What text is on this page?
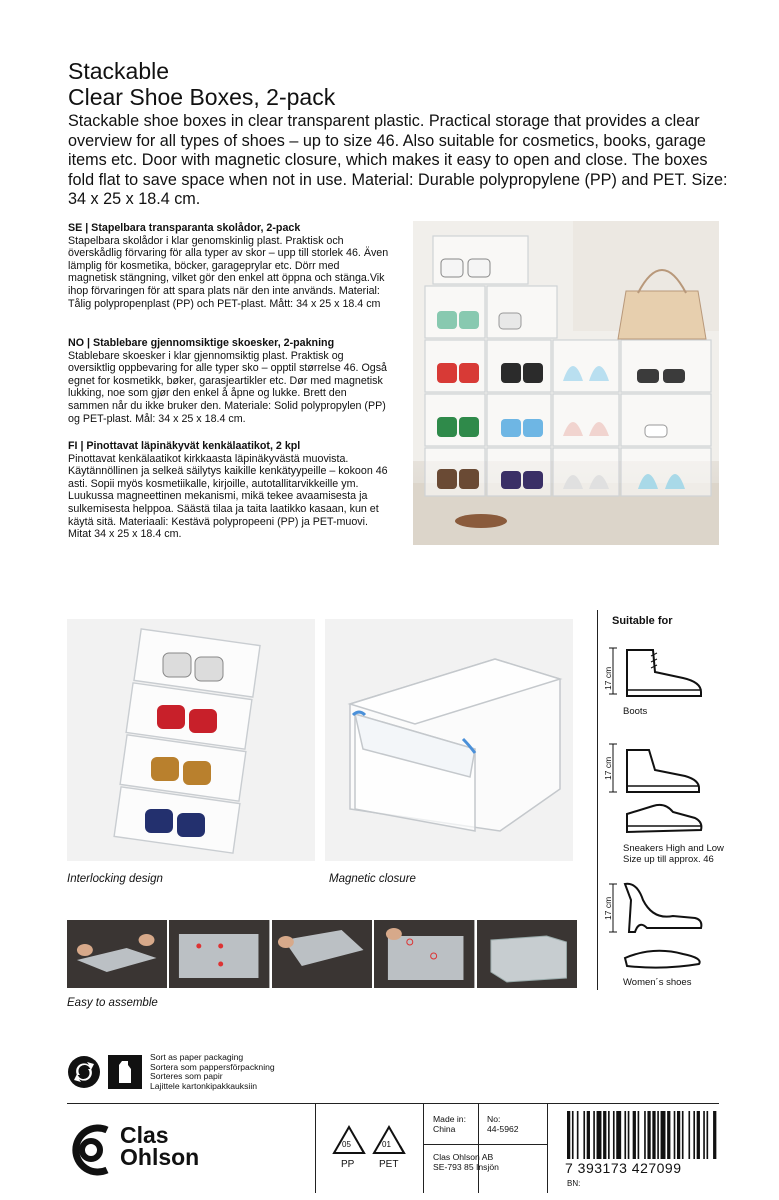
Stackable
Clear Shoe Boxes, 2-pack

Stackable shoe boxes in clear transparent plastic. Practical storage that provides a clear overview for all types of shoes – up to size 46. Also suitable for cosmetics, books, garage items etc. Door with magnetic closure, which makes it easy to open and close. The boxes fold flat to save space when not in use. Material: Durable polypropylene (PP) and PET. Size: 34 x 25 x 18.4 cm.

SE | Stapelbara transparanta skolådor, 2-pack

Stapelbara skolådor i klar genomskinlig plast. Praktisk och överskådlig förvaring för alla typer av skor – upp till storlek 46. Även lämplig för kosmetika, böcker, garageprylar etc. Dörr med magnetisk stängning, vilket gör den enkel att öppna och stänga.Vik ihop förvaringen för att spara plats när den inte används. Material: Tålig polypropenplast (PP) och PET-plast. Mått: 34 x 25 x 18.4 cm

NO | Stablebare gjennomsiktige skoesker, 2-pakning

Stablebare skoesker i klar gjennomsiktig plast. Praktisk og oversiktlig oppbevaring for alle typer sko – opptil størrelse 46. Også egnet for kosmetikk, bøker, garasjeartikler etc. Dør med magnetisk lukking, noe som gjør den enkel å åpne og lukke. Brett den sammen når du ikke bruker den. Materiale: Solid polypropylen (PP) og PET-plast. Mål: 34 x 25 x 18.4 cm.

FI | Pinottavat läpinäkyvät kenkälaatikot, 2 kpl

Pinottavat kenkälaatikot kirkkaasta läpinäkyvästä muovista. Käytännöllinen ja selkeä säilytys kaikille kenkätyypeille – kokoon 46 asti. Sopii myös kosmetiikalle, kirjoille, autotallitarvikkeille ym. Luukussa magneettinen mekanismi, mikä tekee avaamisesta ja sulkemisesta helppoa. Säästä tilaa ja taita laatikko kasaan, kun et käytä sitä. Materiaali: Kestävä polypropeeni (PP) ja PET-muovi. Mitat 34 x 25 x 18.4 cm.

Interlocking design	Magnetic closure
Easy to assemble
Suitable for
17 cm
Boots
17 cm
Sneakers High and Low Size up till approx. 46
17 cm
Women´s shoes

Sort as paper packaging

Sortera som pappersförpackning

Sorteres som papir

Lajittele kartonkipakkauksiin

Clas
Ohlson	05
PP
01
PET
Made in:
China
No:
44-5962
Clas Ohlson AB
SE-793 85 Insjön	7 393173 427099
BN:
